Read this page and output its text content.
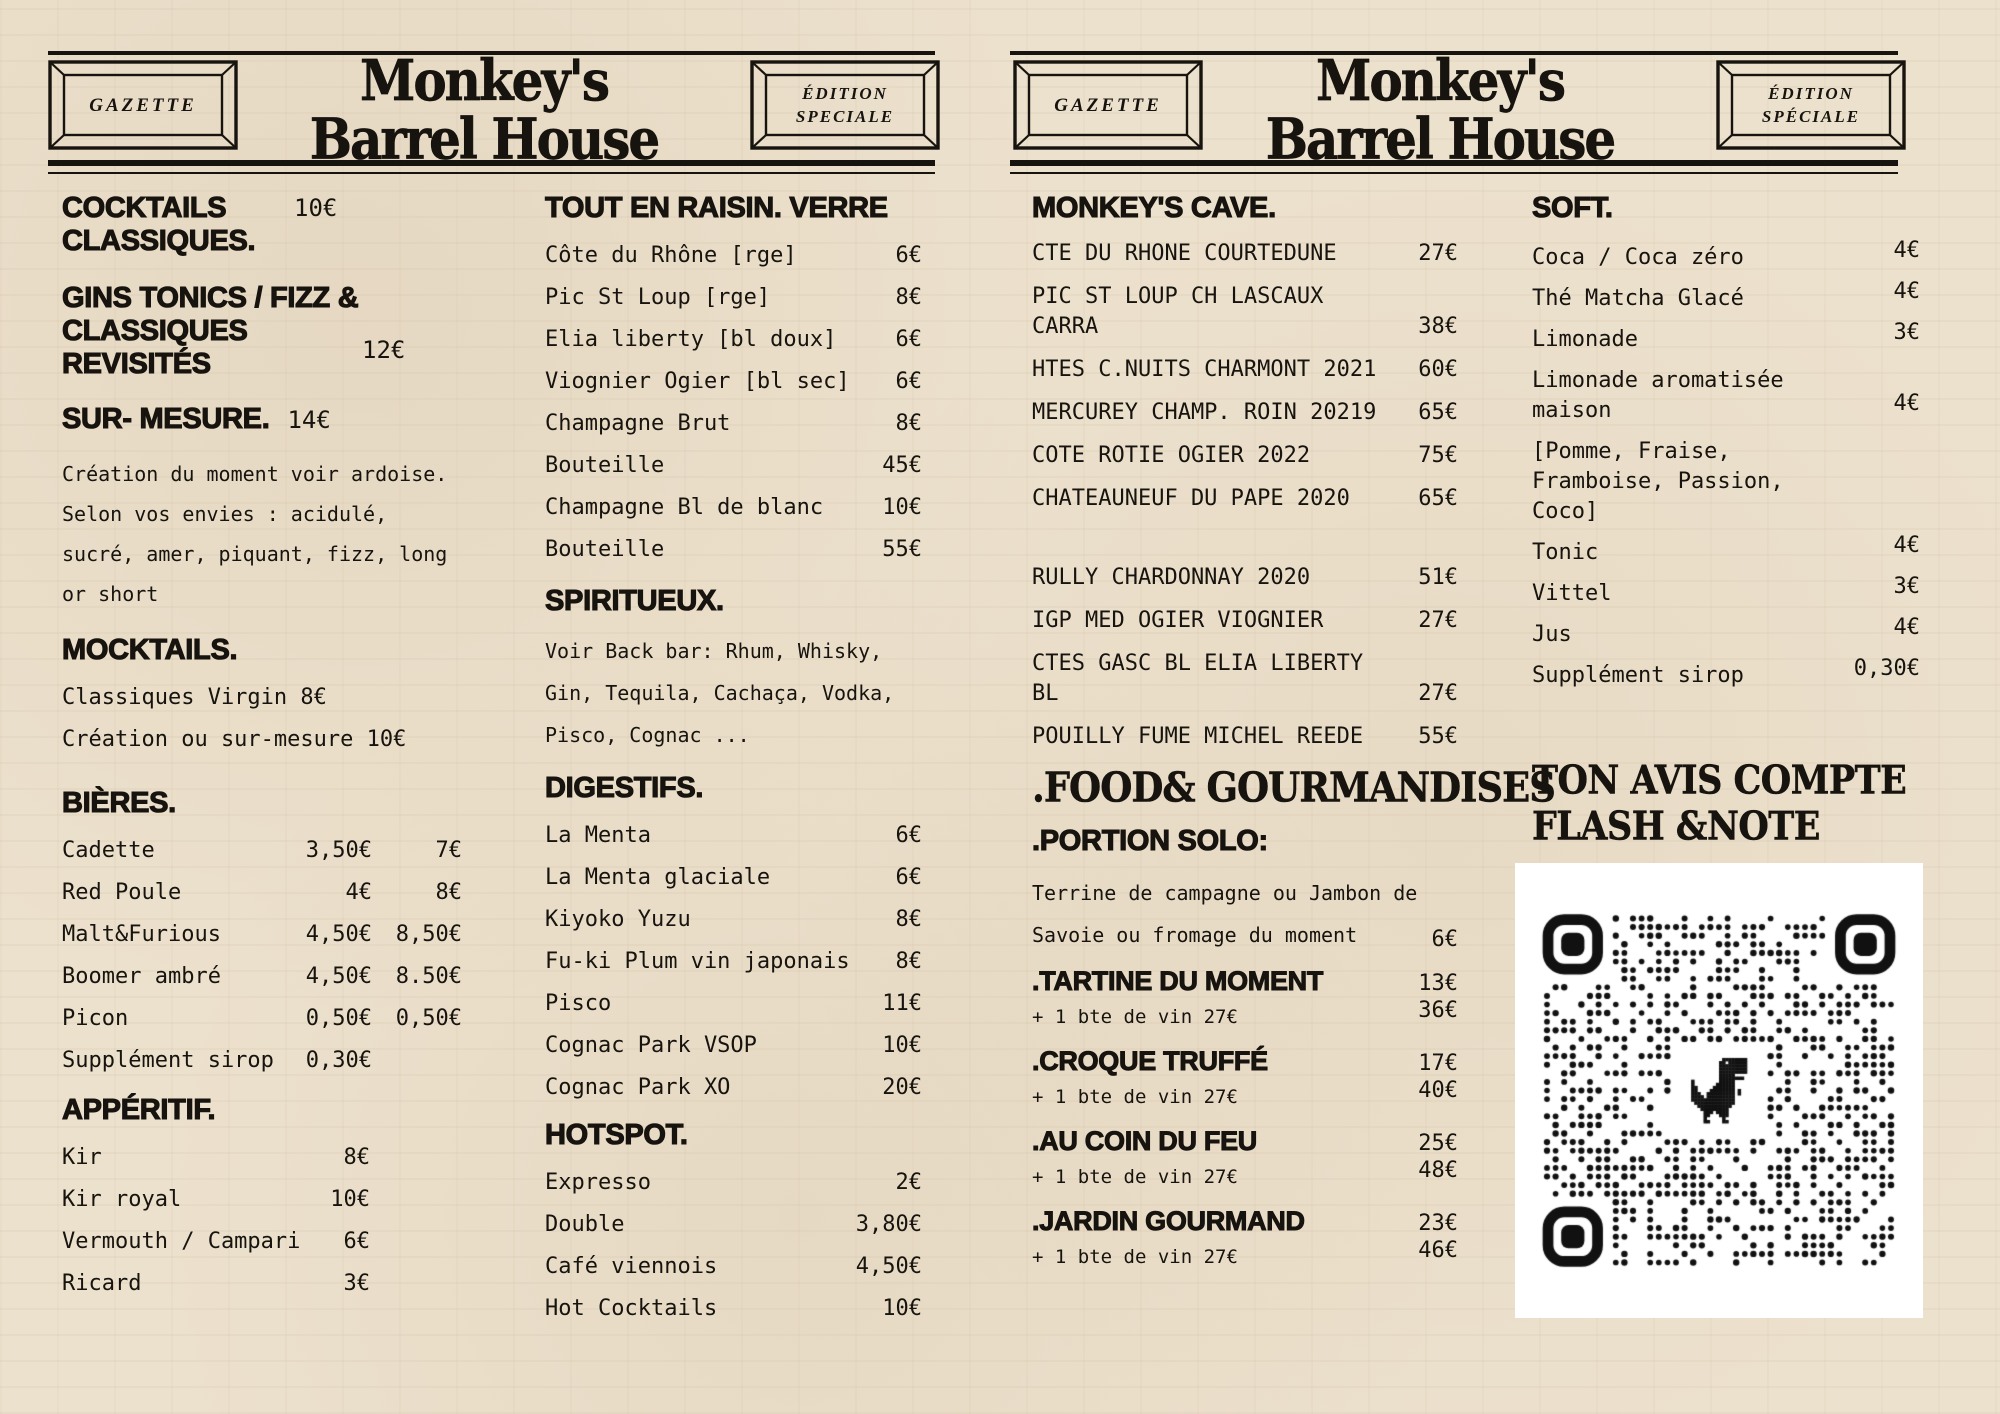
GAZETTE	Monkey's
Barrel House
ÉDITION
SPECIALE
GAZETTE	Monkey's
Barrel House
ÉDITION
SPÉCIALE
COCKTAILS CLASSIQUES.
10€
GINS TONICS / FIZZ & CLASSIQUES REVISITÉS	12€
SUR- MESURE. 14€
Création du moment voir ardoise. Selon vos envies : acidulé, sucré, amer, piquant, fizz, long or short
MOCKTAILS.
Classiques Virgin 8€
Création ou sur-mesure 10€
BIÈRES.
Cadette	3,50€	7€
Red Poule	4€	8€
Malt&Furious	4,50€	8,50€
Boomer ambré	4,50€	8.50€
Picon	0,50€	0,50€
Supplément sirop	0,30€
APPÉRITIF.
Kir	8€
Kir royal	10€
Vermouth / Campari	6€
Ricard	3€
TOUT EN RAISIN. VERRE
Côte du Rhône [rge]	6€
Pic St Loup [rge]	8€
Elia liberty [bl doux]	6€
Viognier Ogier [bl sec]	6€
Champagne Brut	8€
Bouteille	45€
Champagne Bl de blanc	10€
Bouteille	55€
SPIRITUEUX.
Voir Back bar: Rhum, Whisky, Gin, Tequila, Cachaça, Vodka, Pisco, Cognac ...
DIGESTIFS.
La Menta	6€
La Menta glaciale	6€
Kiyoko Yuzu	8€
Fu-ki Plum vin japonais	8€
Pisco	11€
Cognac Park VSOP	10€
Cognac Park XO	20€
HOTSPOT.
Expresso	2€
Double	3,80€
Café viennois	4,50€
Hot Cocktails	10€
MONKEY'S CAVE.
CTE DU RHONE COURTEDUNE	27€
PIC ST LOUP CH LASCAUX CARRA	38€
HTES C.NUITS CHARMONT 2021	60€
MERCUREY CHAMP. ROIN 20219	65€
COTE ROTIE OGIER 2022	75€
CHATEAUNEUF DU PAPE 2020	65€
RULLY CHARDONNAY 2020	51€
IGP MED OGIER VIOGNIER	27€
CTES GASC BL ELIA LIBERTY BL	27€
POUILLY FUME MICHEL REEDE	55€
.FOOD& GOURMANDISES
.PORTION SOLO:
Terrine de campagne ou Jambon de Savoie ou fromage du moment	6€
.TARTINE DU MOMENT	13€
+ 1 bte de vin 27€	36€
.CROQUE TRUFFÉ	17€
+ 1 bte de vin 27€	40€
.AU COIN DU FEU	25€
+ 1 bte de vin 27€	48€
.JARDIN GOURMAND	23€
+ 1 bte de vin 27€	46€
SOFT.
Coca / Coca zéro	4€
Thé Matcha Glacé	4€
Limonade	3€
Limonade aromatisée maison	4€
[Pomme, Fraise, Framboise, Passion, Coco]
Tonic	4€
Vittel	3€
Jus	4€
Supplément sirop	0,30€
TON AVIS COMPTE
FLASH &NOTE
